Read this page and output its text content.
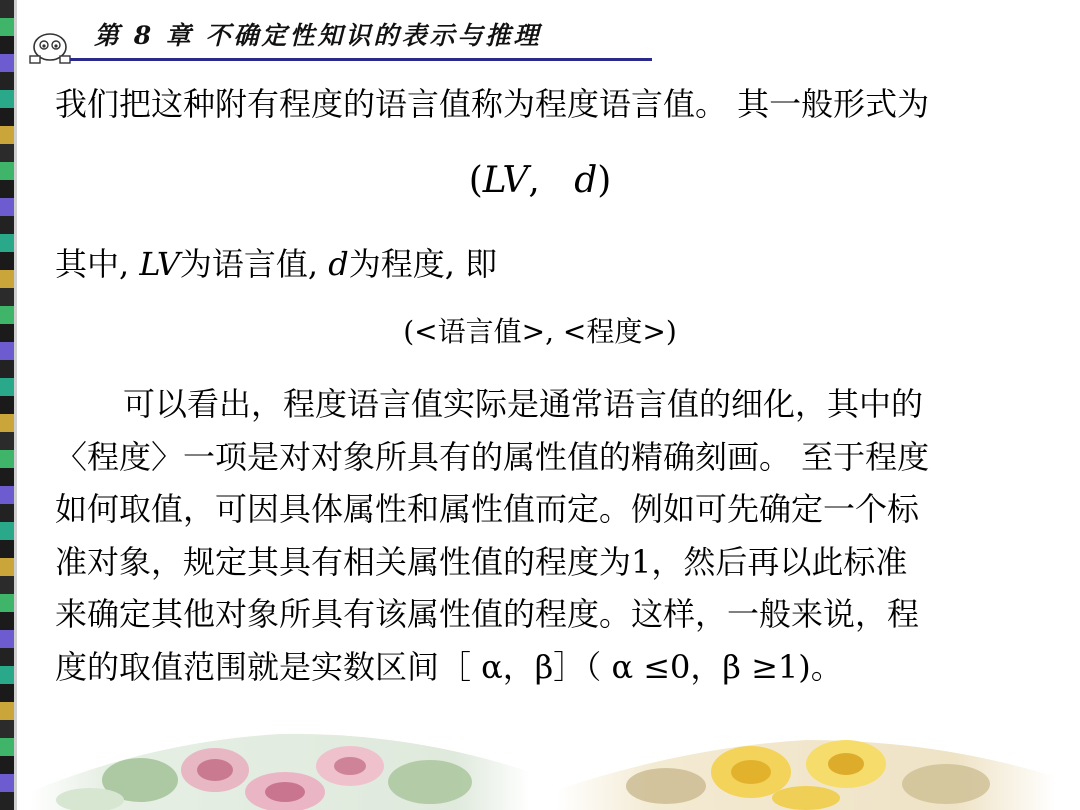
第 8 章 不确定性知识的表示与推理
我们把这种附有程度的语言值称为程度语言值。 其一般形式为
(LV,   d)
其中, LV为语言值, d为程度, 即
(<语言值>, <程度>)
可以看出，程度语言值实际是通常语言值的细化，其中的
〈程度〉一项是对对象所具有的属性值的精确刻画。 至于程度
如何取值，可因具体属性和属性值而定。例如可先确定一个标
准对象，规定其具有相关属性值的程度为1，然后再以此标准
来确定其他对象所具有该属性值的程度。这样，一般来说，程
度的取值范围就是实数区间［ α，β］（ α ≤0，β ≥1)。
